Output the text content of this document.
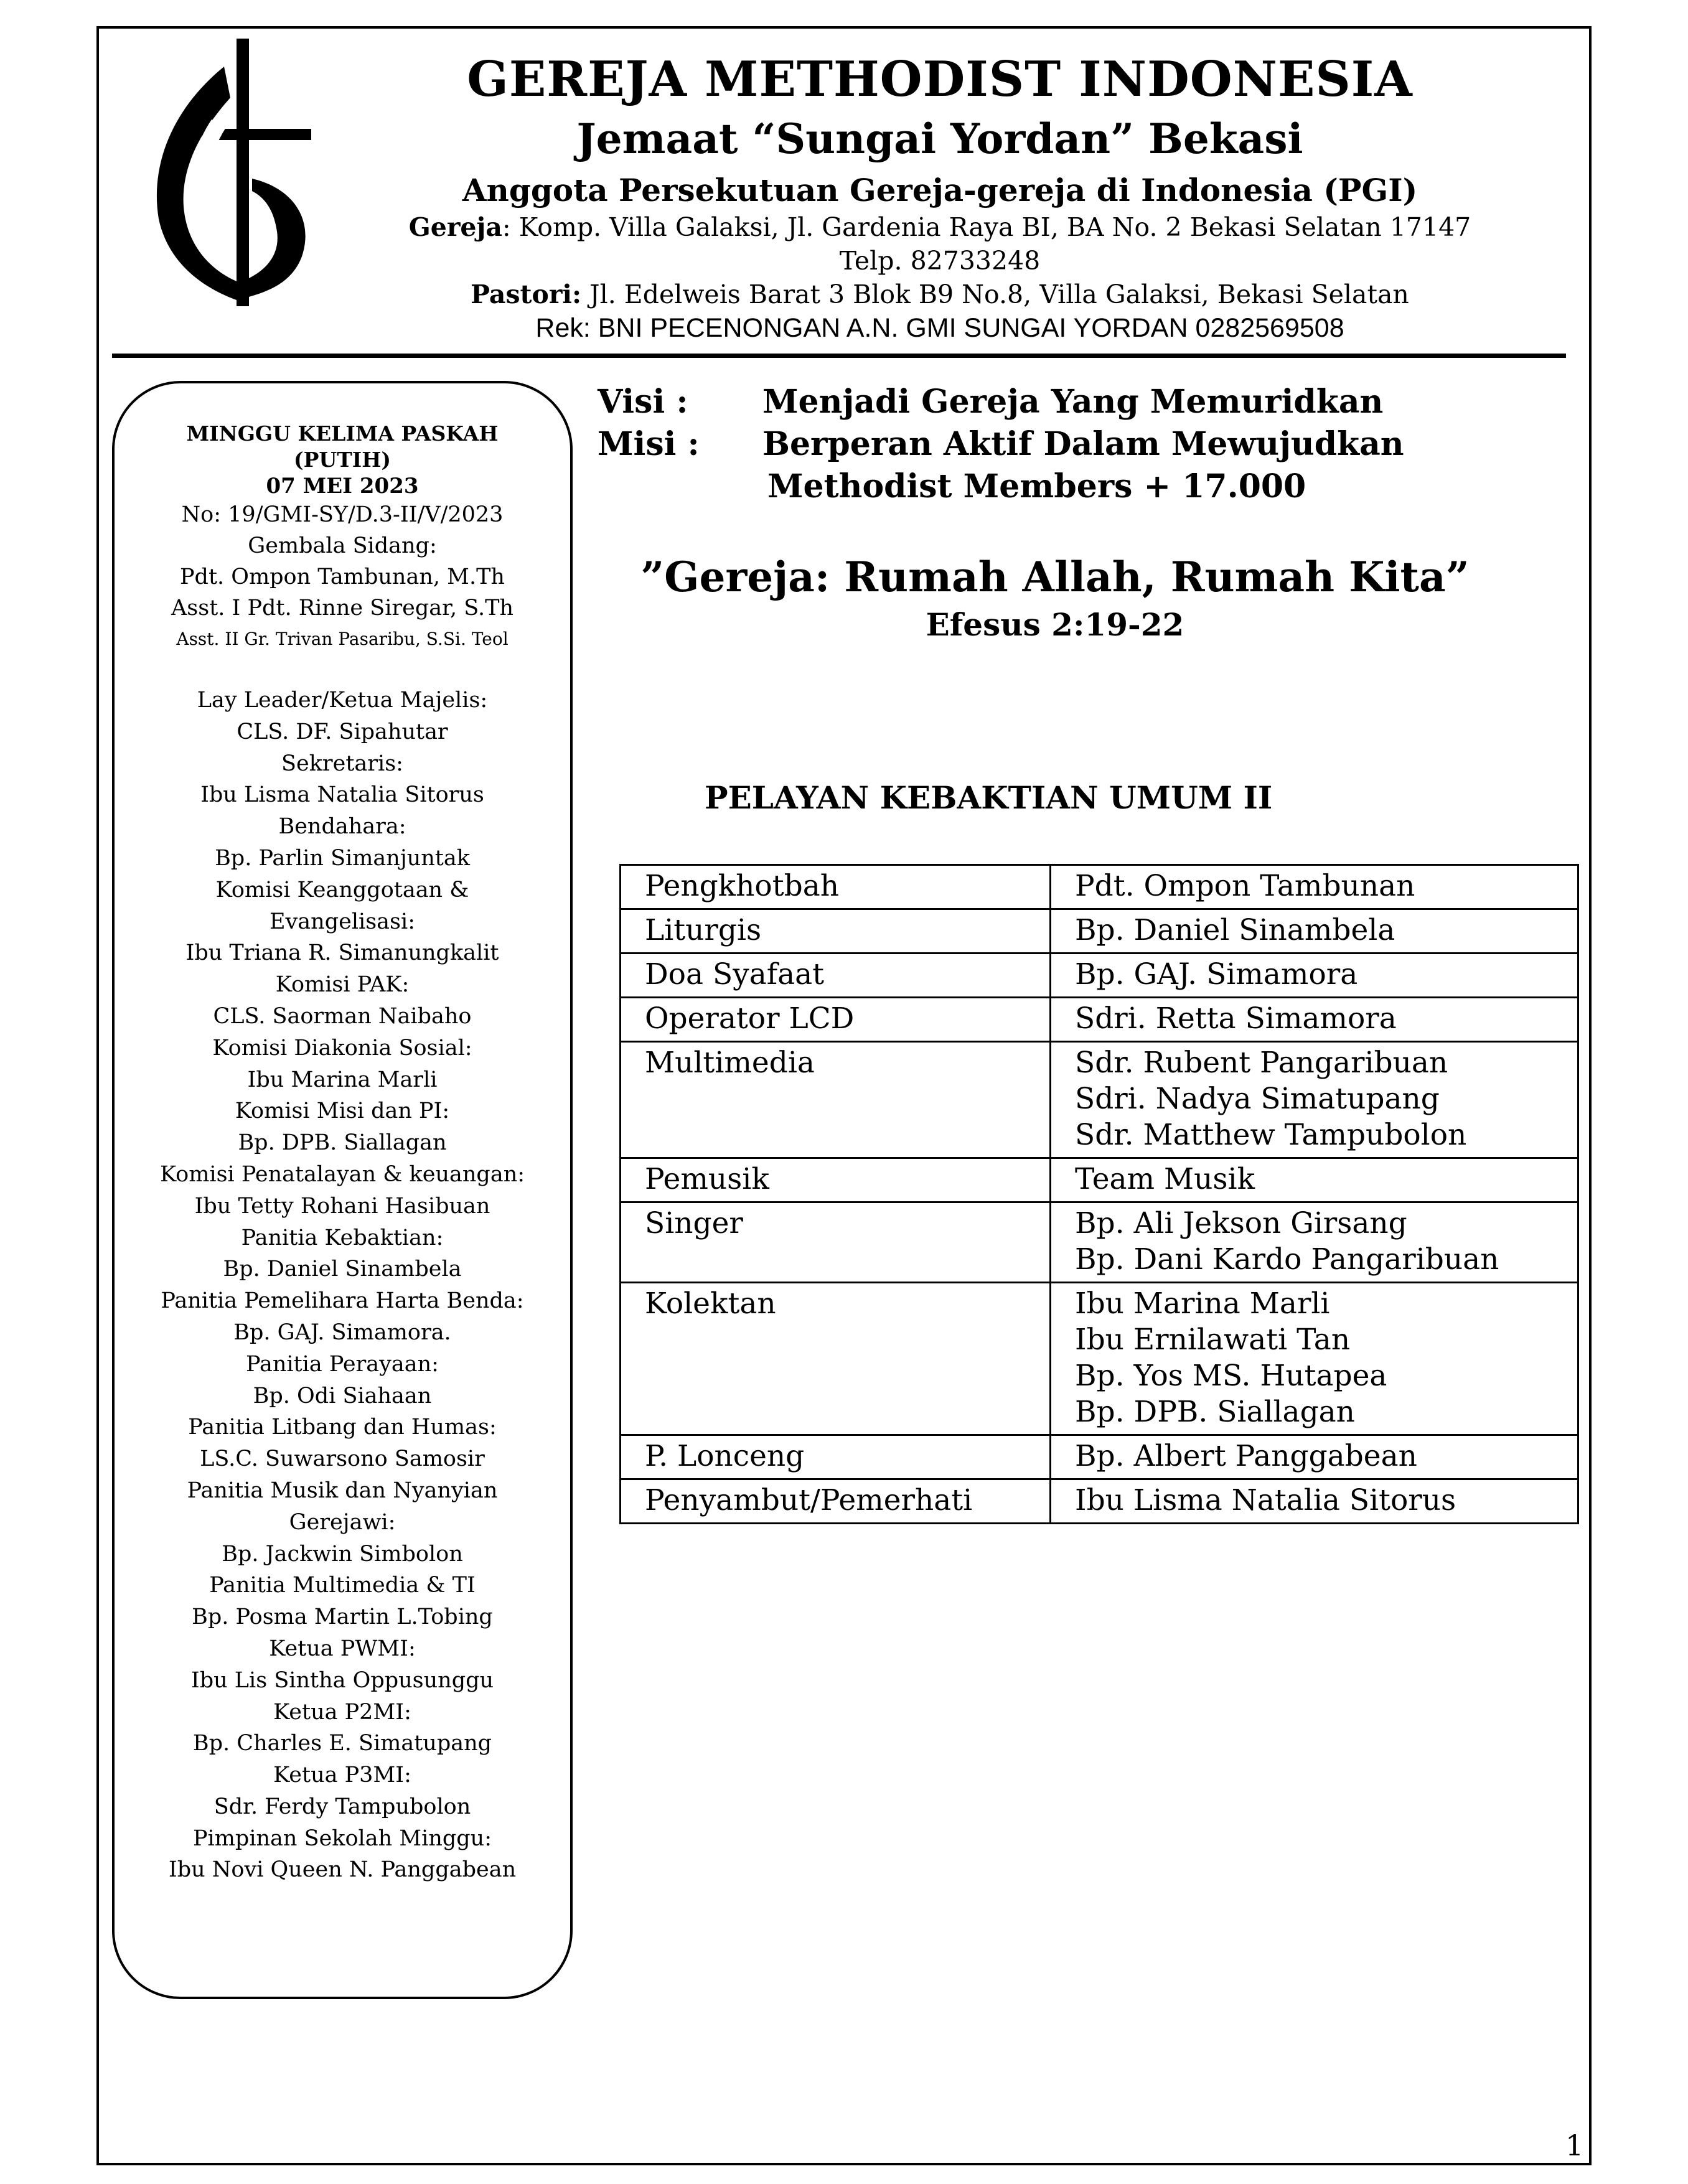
GEREJA METHODIST INDONESIA
Jemaat “Sungai Yordan” Bekasi
Anggota Persekutuan Gereja-gereja di Indonesia (PGI)
Gereja: Komp. Villa Galaksi, Jl. Gardenia Raya BI, BA No. 2 Bekasi Selatan 17147
Telp. 82733248
Pastori: Jl. Edelweis Barat 3 Blok B9 No.8, Villa Galaksi, Bekasi Selatan
Rek: BNI PECENONGAN A.N. GMI SUNGAI YORDAN 0282569508
MINGGU KELIMA PASKAH
(PUTIH)
07 MEI 2023
No: 19/GMI-SY/D.3-II/V/2023
Gembala Sidang:
Pdt. Ompon Tambunan, M.Th
Asst. I Pdt. Rinne Siregar, S.Th
Asst. II Gr. Trivan Pasaribu, S.Si. Teol
Lay Leader/Ketua Majelis:
CLS. DF. Sipahutar
Sekretaris:
Ibu Lisma Natalia Sitorus
Bendahara:
Bp. Parlin Simanjuntak
Komisi Keanggotaan &
Evangelisasi:
Ibu Triana R. Simanungkalit
Komisi PAK:
CLS. Saorman Naibaho
Komisi Diakonia Sosial:
Ibu Marina Marli
Komisi Misi dan PI:
Bp. DPB. Siallagan
Komisi Penatalayan & keuangan:
Ibu Tetty Rohani Hasibuan
Panitia Kebaktian:
Bp. Daniel Sinambela
Panitia Pemelihara Harta Benda:
Bp. GAJ. Simamora.
Panitia Perayaan:
Bp. Odi Siahaan
Panitia Litbang dan Humas:
LS.C. Suwarsono Samosir
Panitia Musik dan Nyanyian
Gerejawi:
Bp. Jackwin Simbolon
Panitia Multimedia & TI
Bp. Posma Martin L.Tobing
Ketua PWMI:
Ibu Lis Sintha Oppusunggu
Ketua P2MI:
Bp. Charles E. Simatupang
Ketua P3MI:
Sdr. Ferdy Tampubolon
Pimpinan Sekolah Minggu:
Ibu Novi Queen N. Panggabean
Visi :	Menjadi Gereja Yang Memuridkan
Misi :	Berperan Aktif Dalam Mewujudkan
Methodist Members + 17.000
”Gereja: Rumah Allah, Rumah Kita”
Efesus 2:19-22
PELAYAN KEBAKTIAN UMUM II
Pengkhotbah	Pdt. Ompon Tambunan

Liturgis	Bp. Daniel Sinambela

Doa Syafaat	Bp. GAJ. Simamora

Operator LCD	Sdri. Retta Simamora

Multimedia	Sdr. Rubent Pangaribuan
Sdri. Nadya Simatupang
Sdr. Matthew Tampubolon

Pemusik	Team Musik

Singer	Bp. Ali Jekson Girsang
Bp. Dani Kardo Pangaribuan

Kolektan	Ibu Marina Marli
Ibu Ernilawati Tan
Bp. Yos MS. Hutapea
Bp. DPB. Siallagan

P. Lonceng	Bp. Albert Panggabean

Penyambut/Pemerhati	Ibu Lisma Natalia Sitorus
1
